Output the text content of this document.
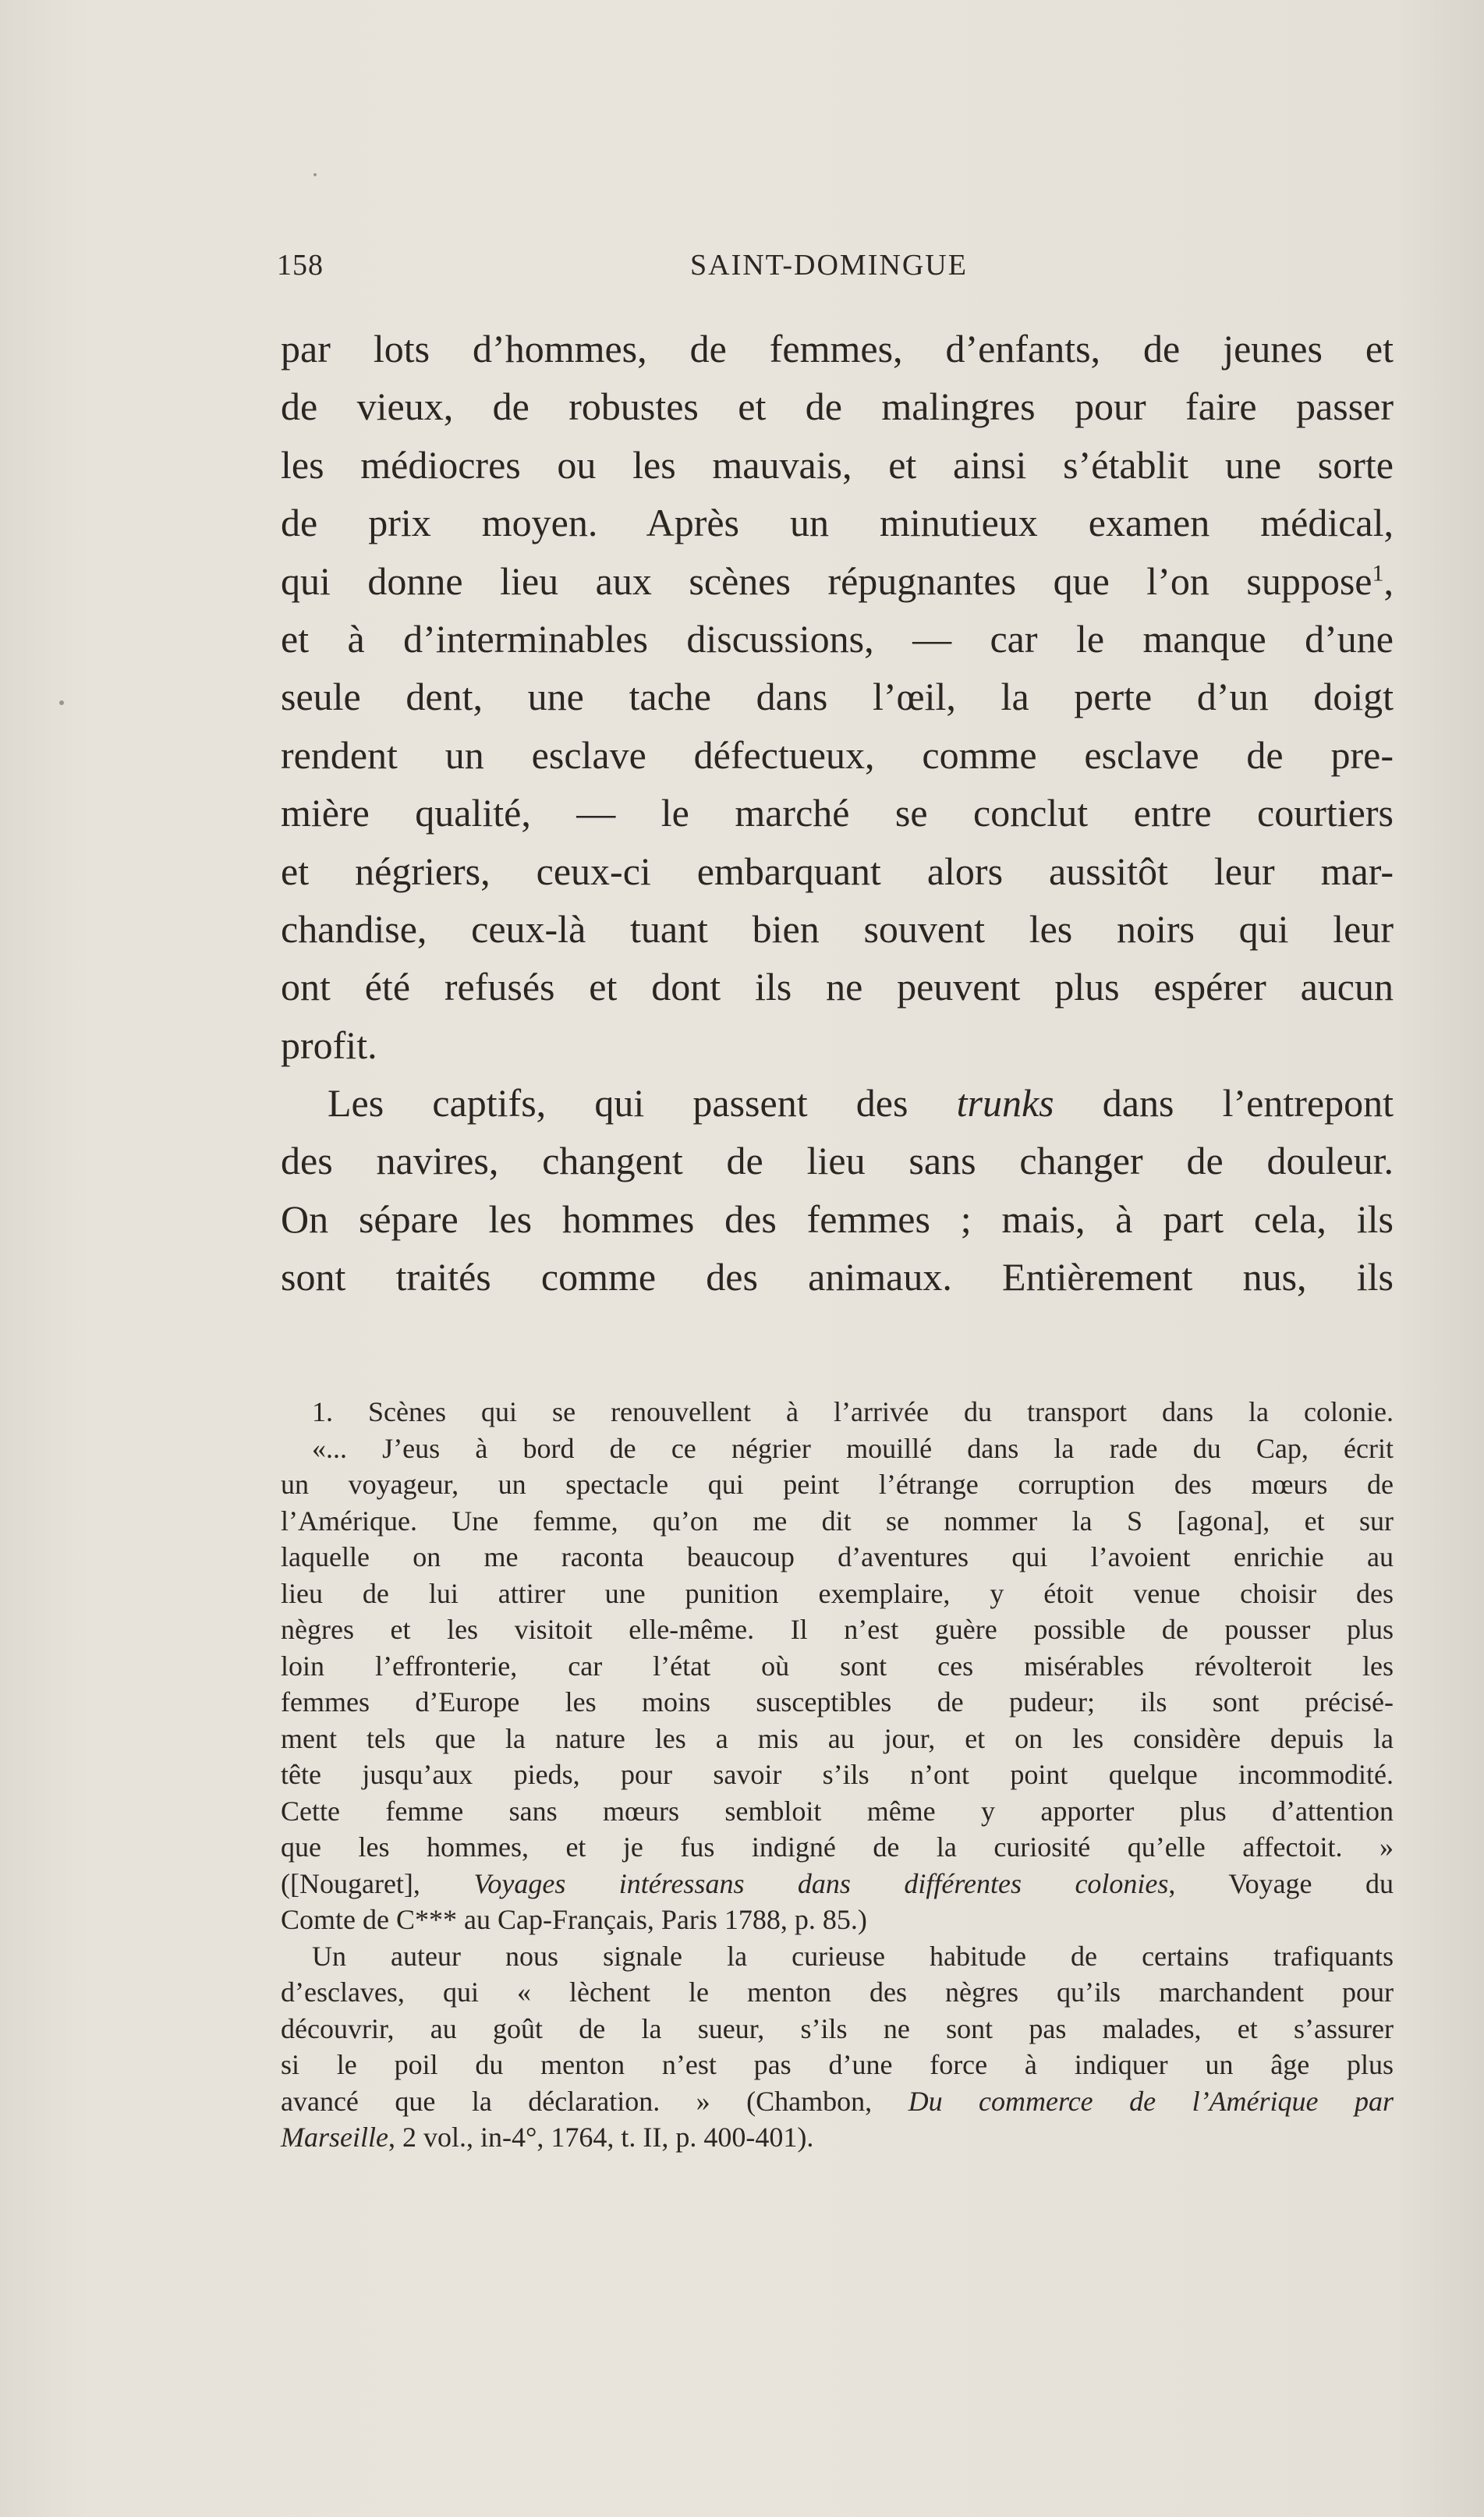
158	SAINT-DOMINGUE
par lots d’hommes, de femmes, d’enfants, de jeunes et
de vieux, de robustes et de malingres pour faire passer
les médiocres ou les mauvais, et ainsi s’établit une sorte
de prix moyen. Après un minutieux examen médical,
qui donne lieu aux scènes répugnantes que l’on suppose$^1$,
et à d’interminables discussions, — car le manque d’une
seule dent, une tache dans l’œil, la perte d’un doigt
rendent un esclave défectueux, comme esclave de pre-
mière qualité, — le marché se conclut entre courtiers
et négriers, ceux-ci embarquant alors aussitôt leur mar-
chandise, ceux-là tuant bien souvent les noirs qui leur
ont été refusés et dont ils ne peuvent plus espérer aucun
profit.
Les captifs, qui passent des trunks dans l’entrepont
des navires, changent de lieu sans changer de douleur.
On sépare les hommes des femmes ; mais, à part cela, ils
sont traités comme des animaux. Entièrement nus, ils
1. Scènes qui se renouvellent à l’arrivée du transport dans la colonie.
«... J’eus à bord de ce négrier mouillé dans la rade du Cap, écrit
un voyageur, un spectacle qui peint l’étrange corruption des mœurs de
l’Amérique. Une femme, qu’on me dit se nommer la S [agona], et sur
laquelle on me raconta beaucoup d’aventures qui l’avoient enrichie au
lieu de lui attirer une punition exemplaire, y étoit venue choisir des
nègres et les visitoit elle-même. Il n’est guère possible de pousser plus
loin l’effronterie, car l’état où sont ces misérables révolteroit les
femmes d’Europe les moins susceptibles de pudeur; ils sont précisé-
ment tels que la nature les a mis au jour, et on les considère depuis la
tête jusqu’aux pieds, pour savoir s’ils n’ont point quelque incommodité.
Cette femme sans mœurs sembloit même y apporter plus d’attention
que les hommes, et je fus indigné de la curiosité qu’elle affectoit. »
([Nougaret], Voyages intéressans dans différentes colonies, Voyage du
Comte de C*** au Cap-Français, Paris 1788, p. 85.)
Un auteur nous signale la curieuse habitude de certains trafiquants
d’esclaves, qui « lèchent le menton des nègres qu’ils marchandent pour
découvrir, au goût de la sueur, s’ils ne sont pas malades, et s’assurer
si le poil du menton n’est pas d’une force à indiquer un âge plus
avancé que la déclaration. » (Chambon, Du commerce de l’Amérique par
Marseille, 2 vol., in-4°, 1764, t. II, p. 400-401).
